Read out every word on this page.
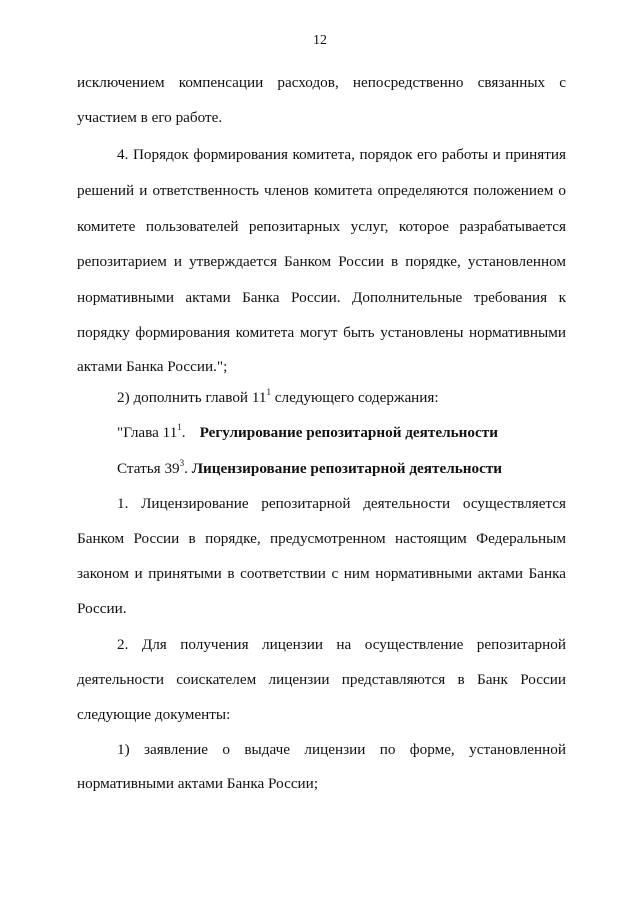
12
исключением компенсации расходов, непосредственно связанных с
участием в его работе.
4. Порядок формирования комитета, порядок его работы и принятия
решений и ответственность членов комитета определяются положением о
комитете пользователей репозитарных услуг, которое разрабатывается
репозитарием и утверждается Банком России в порядке, установленном
нормативными актами Банка России. Дополнительные требования к
порядку формирования комитета могут быть установлены нормативными
актами Банка России.";
2) дополнить главой $11^1$ следующего содержания:
"Глава $11^1$. Регулирование репозитарной деятельности
Статья $39^3$. Лицензирование репозитарной деятельности
1. Лицензирование репозитарной деятельности осуществляется
Банком России в порядке, предусмотренном настоящим Федеральным
законом и принятыми в соответствии с ним нормативными актами Банка
России.
2. Для получения лицензии на осуществление репозитарной
деятельности соискателем лицензии представляются в Банк России
следующие документы:
1) заявление о выдаче лицензии по форме, установленной
нормативными актами Банка России;
